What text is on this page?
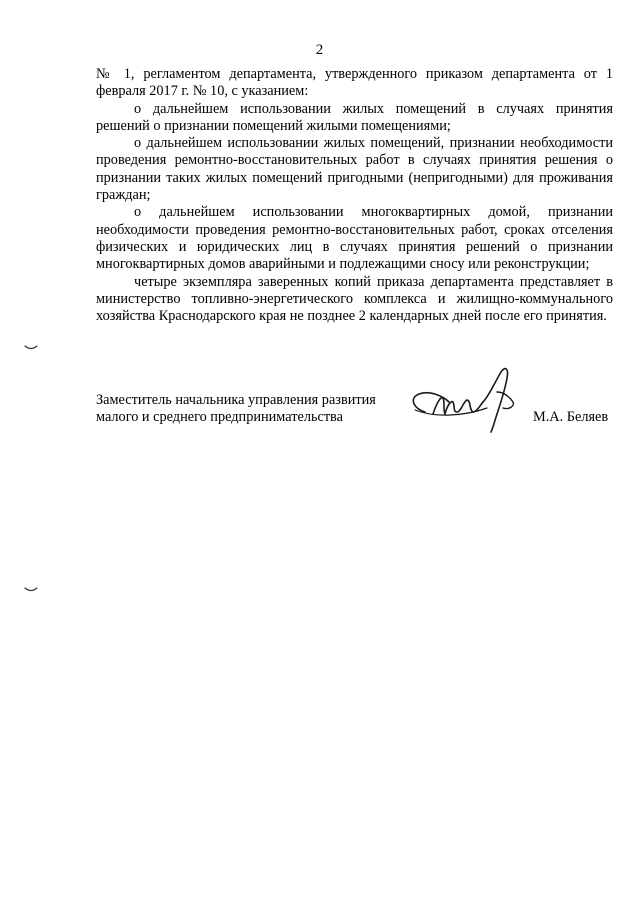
2

№ 1, регламентом департамента, утвержденного приказом департамента от 1 февраля 2017 г. № 10, с указанием:

о дальнейшем использовании жилых помещений в случаях принятия решений о признании помещений жилыми помещениями;

о дальнейшем использовании жилых помещений, признании необходимости проведения ремонтно-восстановительных работ в случаях принятия решения о признании таких жилых помещений пригодными (непригодными) для проживания граждан;

о дальнейшем использовании многоквартирных домой, признании необходимости проведения ремонтно-восстановительных работ, сроках отселения физических и юридических лиц в случаях принятия решений о признании многоквартирных домов аварийными и подлежащими сносу или реконструкции;

четыре экземпляра заверенных копий приказа департамента представляет в министерство топливно-энергетического комплекса и жилищно-коммунального хозяйства Краснодарского края не позднее 2 календарных дней после его принятия.

Заместитель начальника управления развития
малого и среднего предпринимательства	М.А. Беляев
